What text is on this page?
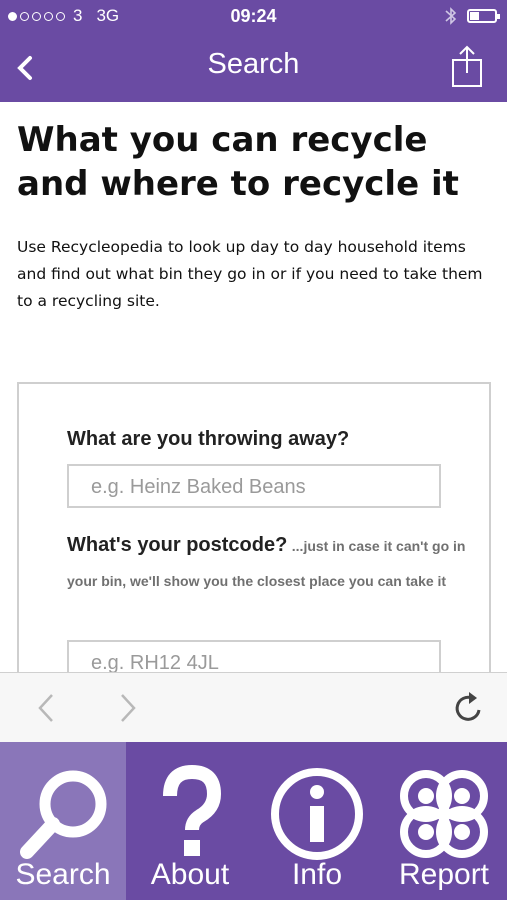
3 3G	09:24
Search
What you can recycle and where to recycle it
Use Recycleopedia to look up day to day household items and find out what bin they go in or if you need to take them to a recycling site.
What are you throwing away?
e.g. Heinz Baked Beans
What's your postcode? ...just in case it can't go in your bin, we'll show you the closest place you can take it
e.g. RH12 4JL
Search	About	Info	Report
